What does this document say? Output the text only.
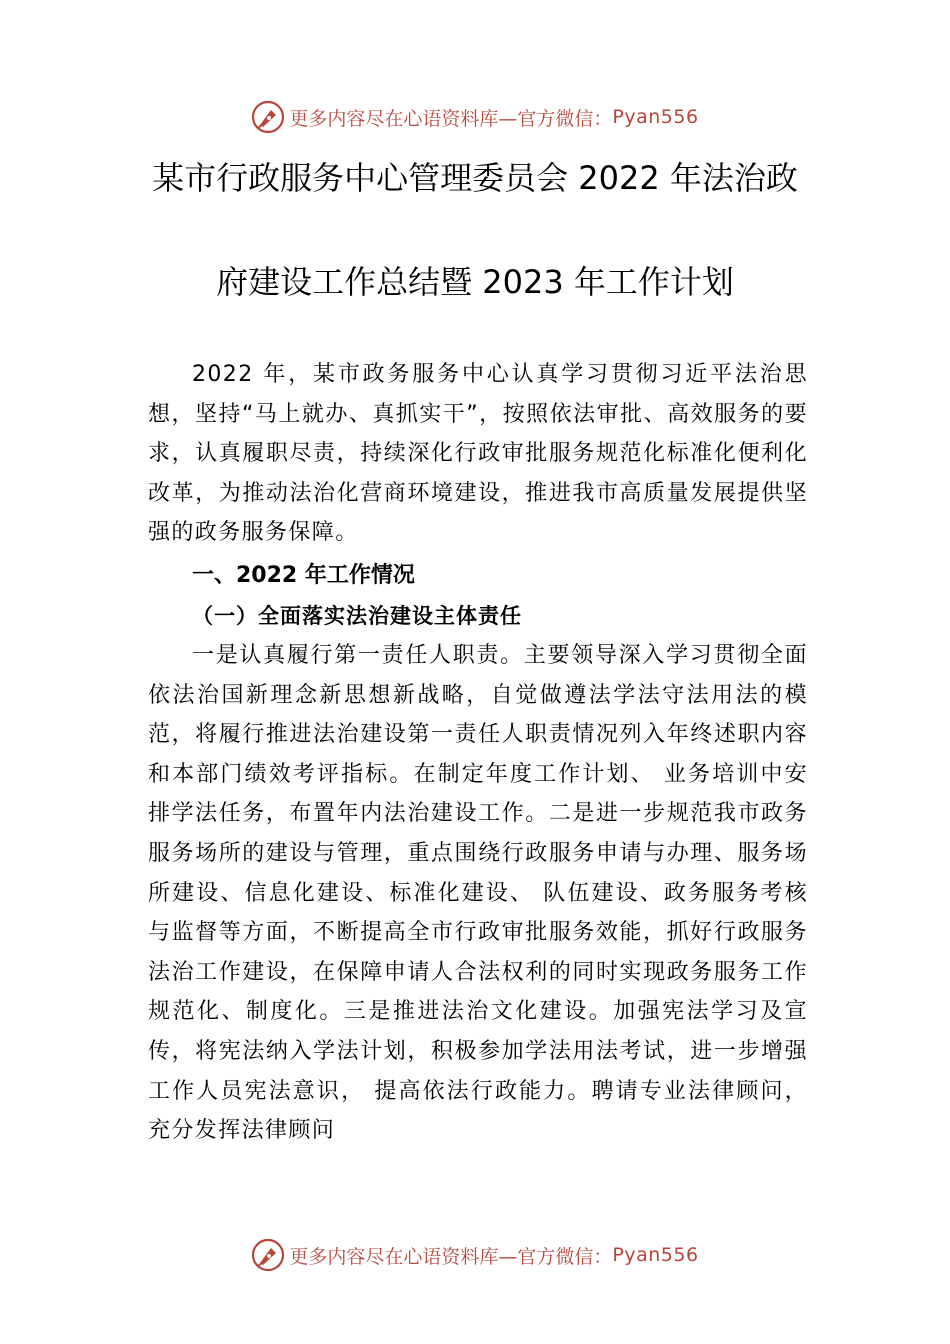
更多内容尽在心语资料库—官方微信： Pyan556
某市行政服务中心管理委员会 2022 年法治政
府建设工作总结暨 2023 年工作计划

2022 年，某市政务服务中心认真学习贯彻习近平法治思想，坚持“马上就办、真抓实干”，按照依法审批、高效服务的要求，认真履职尽责，持续深化行政审批服务规范化标准化便利化改革，为推动法治化营商环境建设，推进我市高质量发展提供坚强的政务服务保障。

一、2022 年工作情况

（一）全面落实法治建设主体责任

一是认真履行第一责任人职责。主要领导深入学习贯彻全面依法治国新理念新思想新战略，自觉做遵法学法守法用法的模范，将履行推进法治建设第一责任人职责情况列入年终述职内容和本部门绩效考评指标。在制定年度工作计划、 业务培训中安排学法任务，布置年内法治建设工作。二是进一步规范我市政务服务场所的建设与管理，重点围绕行政服务申请与办理、服务场所建设、信息化建设、标准化建设、 队伍建设、政务服务考核与监督等方面，不断提高全市行政审批服务效能，抓好行政服务法治工作建设，在保障申请人合法权利的同时实现政务服务工作规范化、制度化。三是推进法治文化建设。加强宪法学习及宣传，将宪法纳入学法计划，积极参加学法用法考试，进一步增强工作人员宪法意识， 提高依法行政能力。聘请专业法律顾问，充分发挥法律顾问

更多内容尽在心语资料库—官方微信： Pyan556
